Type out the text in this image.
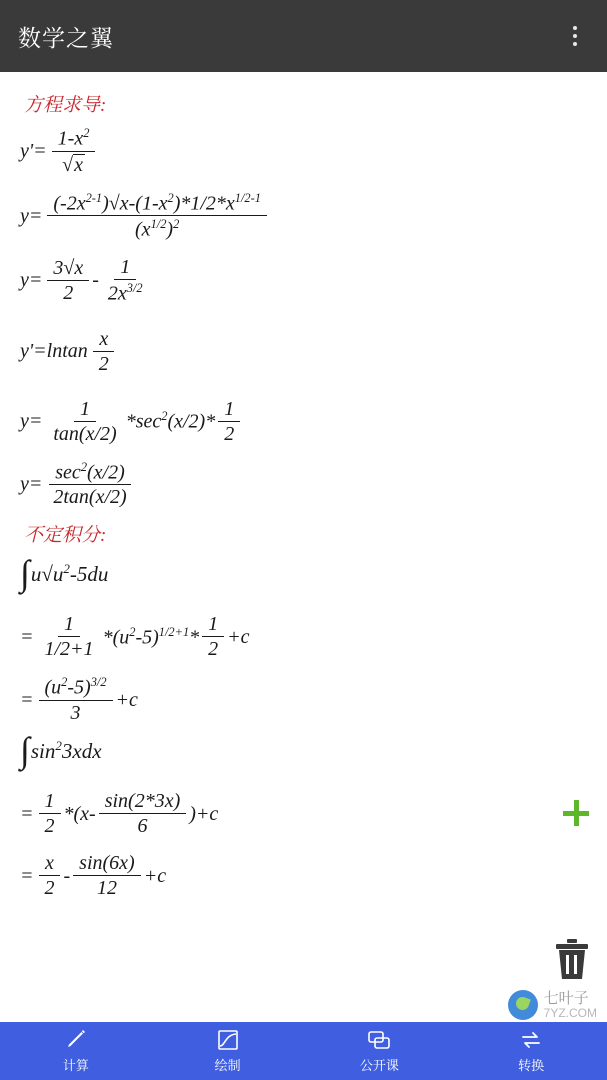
数学之翼
方程求导:
$y'= \frac{1-x^2}{√x}$
$y= \frac{(-2x^{2-1})√x-(1-x^2)*1/2*x^{1/2-1}}{(x^{1/2})^2}$
$y= \frac{3√x}{2} - \frac{1}{2x^{3/2}}$
$y'=lntan \frac{x}{2}$
$y= \frac{1}{\tan(x/2)} *\sec^2(x/2)* \frac{1}{2}$
$y= \frac{\sec^2(x/2)}{2\tan(x/2)}$
不定积分:
∫ $u√u^2-5du$
= $\frac{1}{1/2+1} *(u^2-5)^{1/2+1}* \frac{1}{2} +c$
= $\frac{(u^2-5)^{3/2}}{3} +c$
∫ $\sin^23xdx$
= $\frac{1}{2} *(x- \frac{\sin(2*3x)}{6} )+c$
= $\frac{x}{2} - \frac{\sin(6x)}{12} +c$
七叶子
7YZ.COM
计算	绘制	公开课	转换
